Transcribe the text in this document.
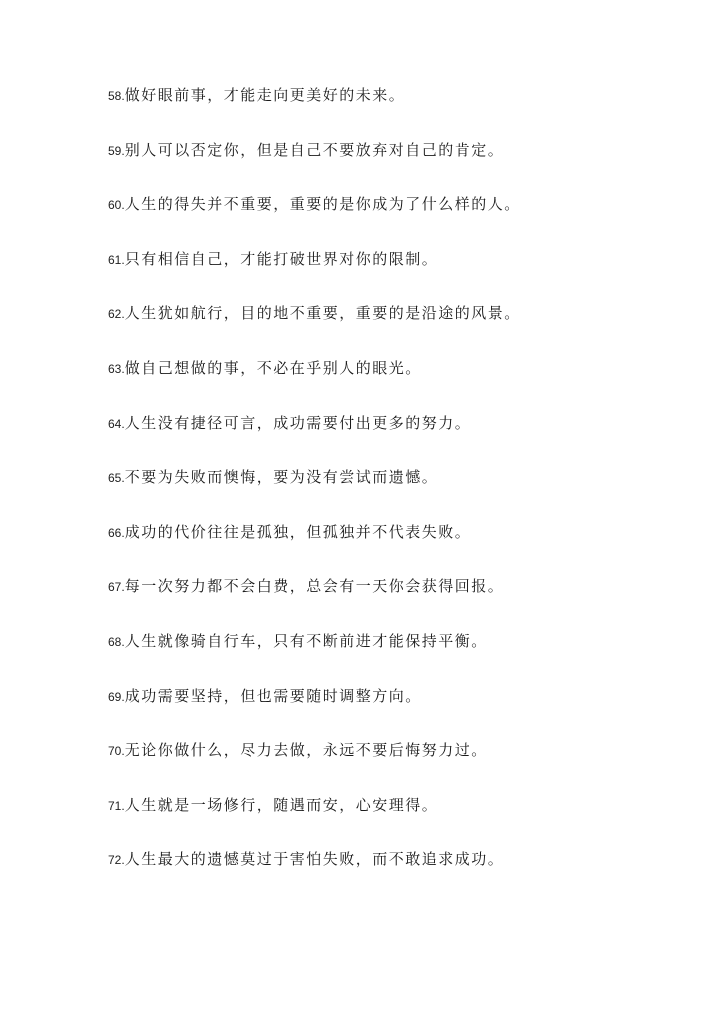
58. 做好眼前事，才能走向更美好的未来。
59. 别人可以否定你，但是自己不要放弃对自己的肯定。
60. 人生的得失并不重要，重要的是你成为了什么样的人。
61. 只有相信自己，才能打破世界对你的限制。
62. 人生犹如航行，目的地不重要，重要的是沿途的风景。
63. 做自己想做的事，不必在乎别人的眼光。
64. 人生没有捷径可言，成功需要付出更多的努力。
65. 不要为失败而懊悔，要为没有尝试而遗憾。
66. 成功的代价往往是孤独，但孤独并不代表失败。
67. 每一次努力都不会白费，总会有一天你会获得回报。
68. 人生就像骑自行车，只有不断前进才能保持平衡。
69. 成功需要坚持，但也需要随时调整方向。
70. 无论你做什么，尽力去做，永远不要后悔努力过。
71. 人生就是一场修行，随遇而安，心安理得。
72. 人生最大的遗憾莫过于害怕失败，而不敢追求成功。
